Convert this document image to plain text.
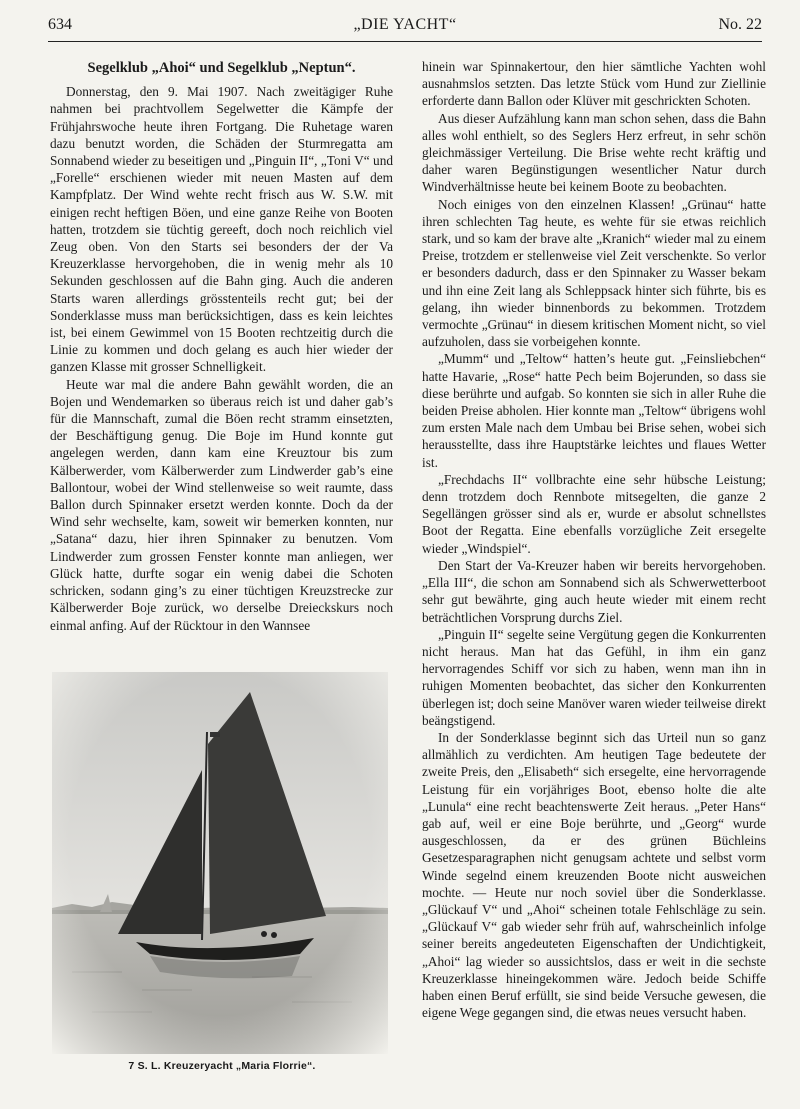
634	„DIE YACHT“	No. 22

Segelklub „Ahoi“ und Segelklub „Neptun“.

Donnerstag, den 9. Mai 1907. Nach zweitägiger Ruhe nahmen bei prachtvollem Segelwetter die Kämpfe der Frühjahrswoche heute ihren Fortgang. Die Ruhetage waren dazu benutzt worden, die Schäden der Sturmregatta am Sonnabend wieder zu beseitigen und „Pinguin II“, „Toni V“ und „Forelle“ erschienen wieder mit neuen Masten auf dem Kampfplatz. Der Wind wehte recht frisch aus W. S.W. mit einigen recht heftigen Böen, und eine ganze Reihe von Booten hatten, trotzdem sie tüchtig gereeft, doch noch reichlich viel Zeug oben. Von den Starts sei besonders der der Va Kreuzerklasse hervorgehoben, die in wenig mehr als 10 Sekunden geschlossen auf die Bahn ging. Auch die anderen Starts waren allerdings grösstenteils recht gut; bei der Sonderklasse muss man berücksichtigen, dass es kein leichtes ist, bei einem Gewimmel von 15 Booten rechtzeitig durch die Linie zu kommen und doch gelang es auch hier wieder der ganzen Klasse mit grosser Schnelligkeit.

Heute war mal die andere Bahn gewählt worden, die an Bojen und Wendemarken so überaus reich ist und daher gab’s für die Mannschaft, zumal die Böen recht stramm einsetzten, der Beschäftigung genug. Die Boje im Hund konnte gut angelegen werden, dann kam eine Kreuztour bis zum Kälberwerder, vom Kälberwerder zum Lindwerder gab’s eine Ballontour, wobei der Wind stellenweise so weit raumte, dass Ballon durch Spinnaker ersetzt werden konnte. Doch da der Wind sehr wechselte, kam, soweit wir bemerken konnten, nur „Satana“ dazu, hier ihren Spinnaker zu benutzen. Vom Lindwerder zum grossen Fenster konnte man anliegen, wer Glück hatte, durfte sogar ein wenig dabei die Schoten schricken, sodann ging’s zu einer tüchtigen Kreuzstrecke zur Kälberwerder Boje zurück, wo derselbe Dreieckskurs noch einmal anfing. Auf der Rücktour in den Wannsee

hinein war Spinnakertour, den hier sämtliche Yachten wohl ausnahmslos setzten. Das letzte Stück vom Hund zur Ziellinie erforderte dann Ballon oder Klüver mit geschrickten Schoten.

Aus dieser Aufzählung kann man schon sehen, dass die Bahn alles wohl enthielt, so des Seglers Herz erfreut, in sehr schön gleichmässiger Verteilung. Die Brise wehte recht kräftig und daher waren Begünstigungen wesentlicher Natur durch Windverhältnisse heute bei keinem Boote zu beobachten.

Noch einiges von den einzelnen Klassen! „Grünau“ hatte ihren schlechten Tag heute, es wehte für sie etwas reichlich stark, und so kam der brave alte „Kranich“ wieder mal zu einem Preise, trotzdem er stellenweise viel Zeit verschenkte. So verlor er besonders dadurch, dass er den Spinnaker zu Wasser bekam und ihn eine Zeit lang als Schleppsack hinter sich führte, bis es gelang, ihn wieder binnenbords zu bekommen. Trotzdem vermochte „Grünau“ in diesem kritischen Moment nicht, so viel aufzuholen, dass sie vorbeigehen konnte.

„Mumm“ und „Teltow“ hatten’s heute gut. „Feinsliebchen“ hatte Havarie, „Rose“ hatte Pech beim Bojerunden, so dass sie diese berührte und aufgab. So konnten sie sich in aller Ruhe die beiden Preise abholen. Hier konnte man „Teltow“ übrigens wohl zum ersten Male nach dem Umbau bei Brise sehen, wobei sich herausstellte, dass ihre Hauptstärke leichtes und flaues Wetter ist.

„Frechdachs II“ vollbrachte eine sehr hübsche Leistung; denn trotzdem doch Rennbote mitsegelten, die ganze 2 Segellängen grösser sind als er, wurde er absolut schnellstes Boot der Regatta. Eine ebenfalls vorzügliche Zeit ersegelte wieder „Windspiel“.

Den Start der Va-Kreuzer haben wir bereits hervorgehoben. „Ella III“, die schon am Sonnabend sich als Schwerwetterboot sehr gut bewährte, ging auch heute wieder mit einem recht beträchtlichen Vorsprung durchs Ziel.

„Pinguin II“ segelte seine Vergütung gegen die Konkurrenten nicht heraus. Man hat das Gefühl, in ihm ein ganz hervorragendes Schiff vor sich zu haben, wenn man ihn in ruhigen Momenten beobachtet, das sicher den Konkurrenten überlegen ist; doch seine Manöver waren wieder teilweise direkt beängstigend.

In der Sonderklasse beginnt sich das Urteil nun so ganz allmählich zu verdichten. Am heutigen Tage bedeutete der zweite Preis, den „Elisabeth“ sich ersegelte, eine hervorragende Leistung für ein vorjähriges Boot, ebenso holte die alte „Lunula“ eine recht beachtenswerte Zeit heraus. „Peter Hans“ gab auf, weil er eine Boje berührte, und „Georg“ wurde ausgeschlossen, da er des grünen Büchleins Gesetzesparagraphen nicht genugsam achtete und selbst vorm Winde segelnd einem kreuzenden Boote nicht ausweichen mochte. — Heute nur noch soviel über die Sonderklasse. „Glückauf V“ und „Ahoi“ scheinen totale Fehlschläge zu sein. „Glückauf V“ gab wieder sehr früh auf, wahrscheinlich infolge seiner bereits angedeuteten Eigenschaften der Undichtigkeit, „Ahoi“ lag wieder so aussichtslos, dass er weit in die sechste Kreuzerklasse hineingekommen wäre. Jedoch beide Schiffe haben einen Beruf erfüllt, sie sind beide Versuche gewesen, die eigene Wege gegangen sind, die etwas neues versucht haben.

7 S. L. Kreuzeryacht „Maria Florrie“.
